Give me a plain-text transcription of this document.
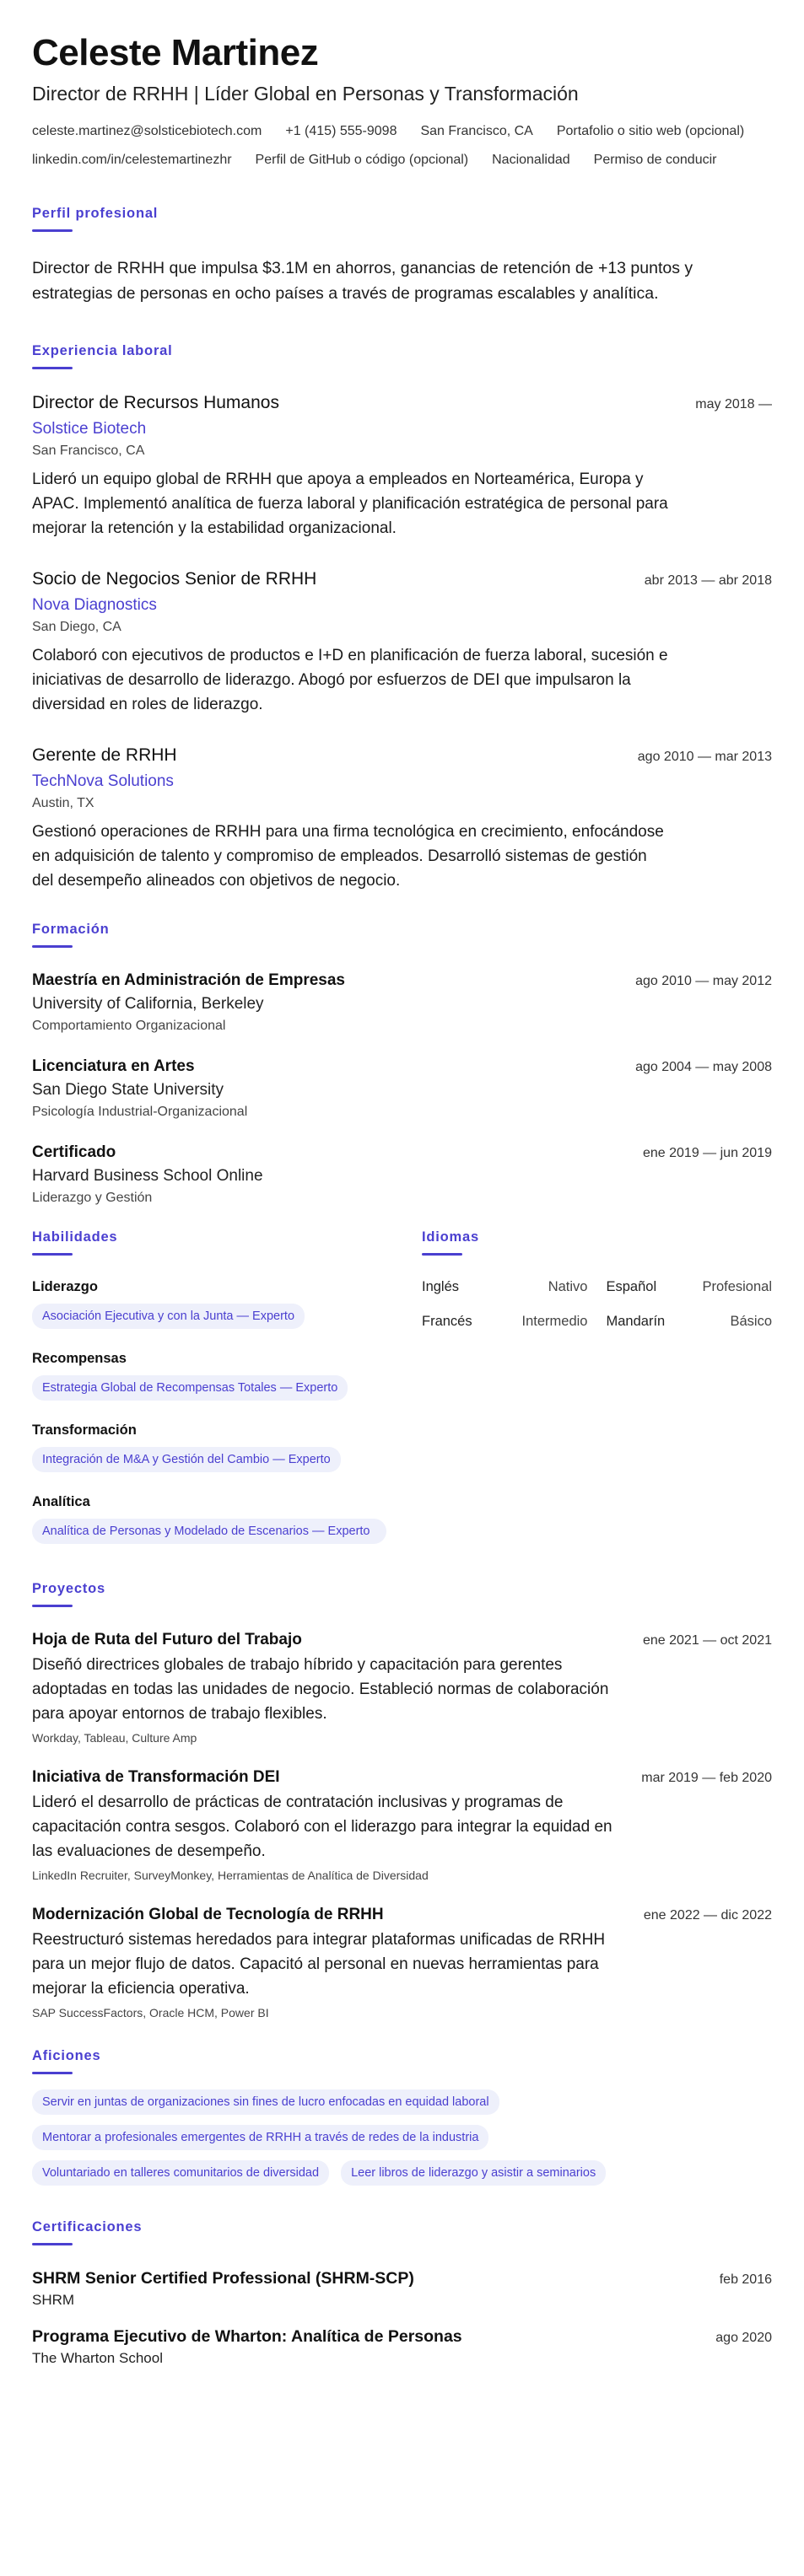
Celeste Martinez
Director de RRHH | Líder Global en Personas y Transformación
celeste.martinez@solsticebiotech.com +1 (415) 555-9098 San Francisco, CA Portafolio o sitio web (opcional)
linkedin.com/in/celestemartinezhr Perfil de GitHub o código (opcional) Nacionalidad Permiso de conducir
Perfil profesional

Director de RRHH que impulsa $3.1M en ahorros, ganancias de retención de +13 puntos y estrategias de personas en ocho países a través de programas escalables y analítica.

Experiencia laboral
Director de Recursos Humanos	may 2018 —
Solstice Biotech
San Francisco, CA

Lideró un equipo global de RRHH que apoya a empleados en Norteamérica, Europa y APAC. Implementó analítica de fuerza laboral y planificación estratégica de personal para mejorar la retención y la estabilidad organizacional.

Socio de Negocios Senior de RRHH	abr 2013 — abr 2018
Nova Diagnostics
San Diego, CA

Colaboró con ejecutivos de productos e I+D en planificación de fuerza laboral, sucesión e iniciativas de desarrollo de liderazgo. Abogó por esfuerzos de DEI que impulsaron la diversidad en roles de liderazgo.

Gerente de RRHH	ago 2010 — mar 2013
TechNova Solutions
Austin, TX

Gestionó operaciones de RRHH para una firma tecnológica en crecimiento, enfocándose en adquisición de talento y compromiso de empleados. Desarrolló sistemas de gestión del desempeño alineados con objetivos de negocio.

Formación
Maestría en Administración de Empresas	ago 2010 — may 2012
University of California, Berkeley
Comportamiento Organizacional
Licenciatura en Artes	ago 2004 — may 2008
San Diego State University
Psicología Industrial-Organizacional
Certificado	ene 2019 — jun 2019
Harvard Business School Online
Liderazgo y Gestión
Habilidades
Liderazgo
Asociación Ejecutiva y con la Junta — Experto
Recompensas
Estrategia Global de Recompensas Totales — Experto
Transformación
Integración de M&A y Gestión del Cambio — Experto
Analítica
Analítica de Personas y Modelado de Escenarios — Experto
Idiomas
Inglés	Nativo Español	Profesional
Francés	Intermedio Mandarín	Básico
Proyectos
Hoja de Ruta del Futuro del Trabajo	ene 2021 — oct 2021

Diseñó directrices globales de trabajo híbrido y capacitación para gerentes adoptadas en todas las unidades de negocio. Estableció normas de colaboración para apoyar entornos de trabajo flexibles.

Workday, Tableau, Culture Amp
Iniciativa de Transformación DEI	mar 2019 — feb 2020

Lideró el desarrollo de prácticas de contratación inclusivas y programas de capacitación contra sesgos. Colaboró con el liderazgo para integrar la equidad en las evaluaciones de desempeño.

LinkedIn Recruiter, SurveyMonkey, Herramientas de Analítica de Diversidad
Modernización Global de Tecnología de RRHH	ene 2022 — dic 2022

Reestructuró sistemas heredados para integrar plataformas unificadas de RRHH para un mejor flujo de datos. Capacitó al personal en nuevas herramientas para mejorar la eficiencia operativa.

SAP SuccessFactors, Oracle HCM, Power BI
Aficiones
Servir en juntas de organizaciones sin fines de lucro enfocadas en equidad laboral
Mentorar a profesionales emergentes de RRHH a través de redes de la industria
Voluntariado en talleres comunitarios de diversidad	Leer libros de liderazgo y asistir a seminarios
Certificaciones
SHRM Senior Certified Professional (SHRM-SCP)	feb 2016
SHRM
Programa Ejecutivo de Wharton: Analítica de Personas	ago 2020
The Wharton School
